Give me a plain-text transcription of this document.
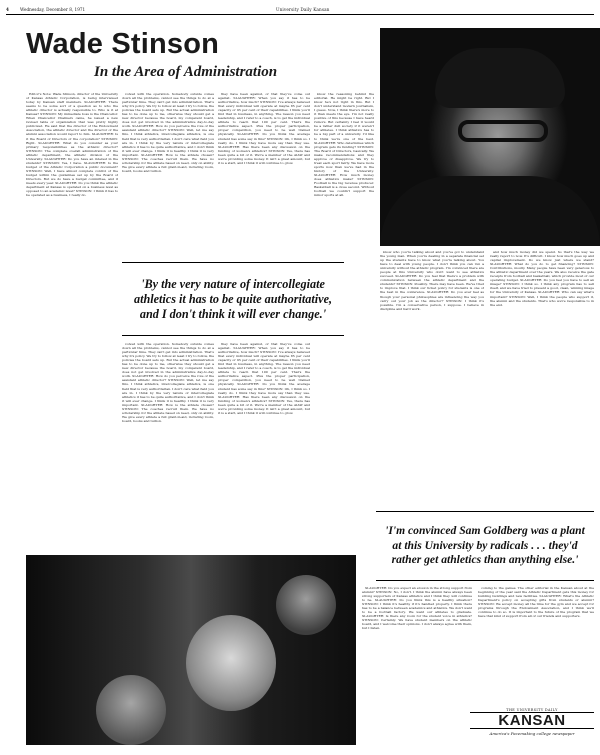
4	Wednesday, December 8, 1971	University Daily Kansan
Wade Stinson
In the Area of Administration

Editor's Note: Wade Stinson, director of the University of Kansas Athletic Corporation, is being interviewed today by Kansan staff members. SLAUGHTER: There seems to be some sort of a question as to who the athletic director is actually responsible to. Who is it at Kansas? STINSON: My immediate boss is the Chancellor. When Chancellor Chalmers came, he issued a new revised table of organization that was pretty highly publicized. He said that the director of the Endowment Association, the athletic director and the director of the alumni association would report to him. SLAUGHTER: Is it the Board of Directors of the corporation? STINSON: Right. SLAUGHTER: What do you consider as your primary responsibilities as the athletic director? STINSON: The complete overall administration of the athletic department, the athletic division of the University. SLAUGHTER: Do you have an interest in the students? STINSON: Yes, I have. SLAUGHTER: Is the budget of the Athletic Corporation a public document? STINSON: Well, I have almost complete control of the budget within the guidelines set up by the Board of Directors. But we do have a budget committee, and it meets every year. SLAUGHTER: Do you think the athletic department at Kansas is operated on a business level as opposed to an academic level? STINSON: I think it has to be operated as a business, I really do.

volved with the operation. Somebody outside comes down all the problems, cannot see the things to do at a particular time. They can't get into administration. That's why it's policy. We try to follow at least I try to follow, the policies the board sets up. But the actual administration has to be done up to me, otherwise they should get a new director because the board, my competent board, does not get involved in the administrative day-to-day work. SLAUGHTER: How do you perceive the role of the assistant athletic director? STINSON: Well, let me say this. I think athletics, intercollegiate athletics, is one field that is very authoritarian. I don't care what field you are in. I think by the very nature of intercollegiate athletics it has to be quite authoritative, and I don't think it will ever change. I think it is healthy. I think it is very important. SLAUGHTER: How is the athlete chosen? STINSON: The coaches recruit them. We have no scholarship for the athlete based on need, only on ability. We give every athlete a full grant-in-aid, including room, board, books and tuition.

they have been against, or that they've come out against. SLAUGHTER: When you say it has to be authoritative, how much? STINSON: I've always believed that every individual will operate at maybe 85 per cent capacity or 95 per cent of their capabilities. I think you'll find that in business, in anything. The reason you need leadership, and I refer to a coach, is to get the individual athlete to reach that 100 per cent. That's the authoritative aspect. Plus the proper participation, proper competition, you need to be well trained physically. SLAUGHTER: Do you think the average student has some say in this? STINSON: Oh, I think so. I really do. I think they have more say than they use. SLAUGHTER: Has there been any discussion on the funding of women's athletics? STINSON: Yes, there has been quite a bit of it. We're a member of the AIAW and we're providing some money. It isn't a great amount, but it is a start, and I think it will continue to grow.

'By the very nature of intercollegiate athletics it has to be quite authoritative, and I don't think it will ever change.'

volved with the operation. Somebody outside comes down all the problems, cannot see the things to do at a particular time. They can't get into administration. That's why it's policy. We try to follow at least I try to follow, the policies the board sets up. But the actual administration has to be done up to me, otherwise they should get a new director because the board, my competent board, does not get involved in the administrative day-to-day work. SLAUGHTER: How do you perceive the role of the assistant athletic director? STINSON: Well, let me say this. I think athletics, intercollegiate athletics, is one field that is very authoritarian. I don't care what field you are in. I think by the very nature of intercollegiate athletics it has to be quite authoritative, and I don't think it will ever change. I think it is healthy. I think it is very important. SLAUGHTER: How is the athlete chosen? STINSON: The coaches recruit them. We have no scholarship for the athlete based on need, only on ability. We give every athlete a full grant-in-aid, including room, board, books and tuition.

they have been against, or that they've come out against. SLAUGHTER: When you say it has to be authoritative, how much? STINSON: I've always believed that every individual will operate at maybe 85 per cent capacity or 95 per cent of their capabilities. I think you'll find that in business, in anything. The reason you need leadership, and I refer to a coach, is to get the individual athlete to reach that 100 per cent. That's the authoritative aspect. Plus the proper participation, proper competition, you need to be well trained physically. SLAUGHTER: Do you think the average student has some say in this? STINSON: Oh, I think so. I really do. I think they have more say than they use. SLAUGHTER: Has there been any discussion on the funding of women's athletics? STINSON: Yes, there has been quite a bit of it. We're a member of the AIAW and we're providing some money. It isn't a great amount, but it is a start, and I think it will continue to grow.

know the reasoning behind the editorial. He might be right. But I know he's not right in this. But I don't understand modern journalism, I guess. Now, I think there's more to it than meets the eye. I'm not really positive of this because I have heard rumors. But certainly I feel it would be a rather dull society if it weren't for athletes. I think athletics has to be a big part of a university. I'd like to think we're one of the best. SLAUGHTER: Who determines which program gets its funding? STINSON: The Board of Directors, basically. We make recommendations and they approve or disapprove. We try to treat each sport fairly. We have more sports now than we've had in the history of the University. SLAUGHTER: How much money does athletics make? STINSON: Football is the big revenue producer. Basketball is a close second. Without football we couldn't support the minor sports at all.

know who you're talking about and you've got to understand the young man. When you're dealing in a separate financial set up the students have to know what you're talking about. You have to deal with young people. I don't think you can run a university without the athletic program. I'm convinced there are people at this University who don't want to see athletics succeed. SLAUGHTER: Do you feel that there's a problem with communication between the athletic department and the students? STINSON: Possibly. There may have been. We've tried to improve that. I think our ticket policy for students is one of the best in the conference. SLAUGHTER: Do you ever feel as though your personal philosophies are influencing the way you carry out your job as the director? STINSON: I think it's possible. I'm a conservative person, I suppose. I believe in discipline and hard work.

and how much money did we spend. So that's the way we really report to now. It's difficult. I know how much goes up and capital improvement. Do we know just where we stand? SLAUGHTER: What do you do to get financing? STINSON: Contributions, mostly. Many people have been very generous to the athletic department over the years. We also receive the gate receipts from football and basketball, which provide most of our operating budget. SLAUGHTER: Do you feel you have to sell an image? STINSON: I think so. I think any program has to sell itself, and we have tried to present a good, clean, winning image for the University of Kansas. SLAUGHTER: Who can say what's important? STINSON: Well, I think the people who support it, the alumni and the students. That's who we're responsible to in the end.

'I'm convinced Sam Goldberg was a plant at this University by radicals . . . they'd rather get athletics than anything else.'

SLAUGHTER: Do you expect an erosion in the strong support from alumni? STINSON: No, I don't. I think the alumni have always been strong supporters of Kansas athletics and I think they will continue to be. SLAUGHTER: Do you think this is a healthy situation? STINSON: I think it's healthy if it's handled properly. I think there has to be a balance between academics and athletics. We don't want to be a football factory. We want our athletes to graduate. SLAUGHTER: Is there any room for the student voice in athletics? STINSON: Certainly. We have student members on the athletic board, and I welcome their opinions. I don't always agree with them, but I listen.

coming to the games. The other editorial in the Kansan about at the beginning of the year said the Athletic Department gets this money for building buildings and new facilities. SLAUGHTER: What's the Athletic Department's policy on accepting gifts from students or alumni? STINSON: We accept money all the time for the gym and we accept for programs through the Endowment Association, and I think we'll continue to do so. It is important to the future of the program that we have that kind of support from all of our friends and supporters.

THE UNIVERSITY DAILY
KANSAN
America's Pacemaking college newspaper
